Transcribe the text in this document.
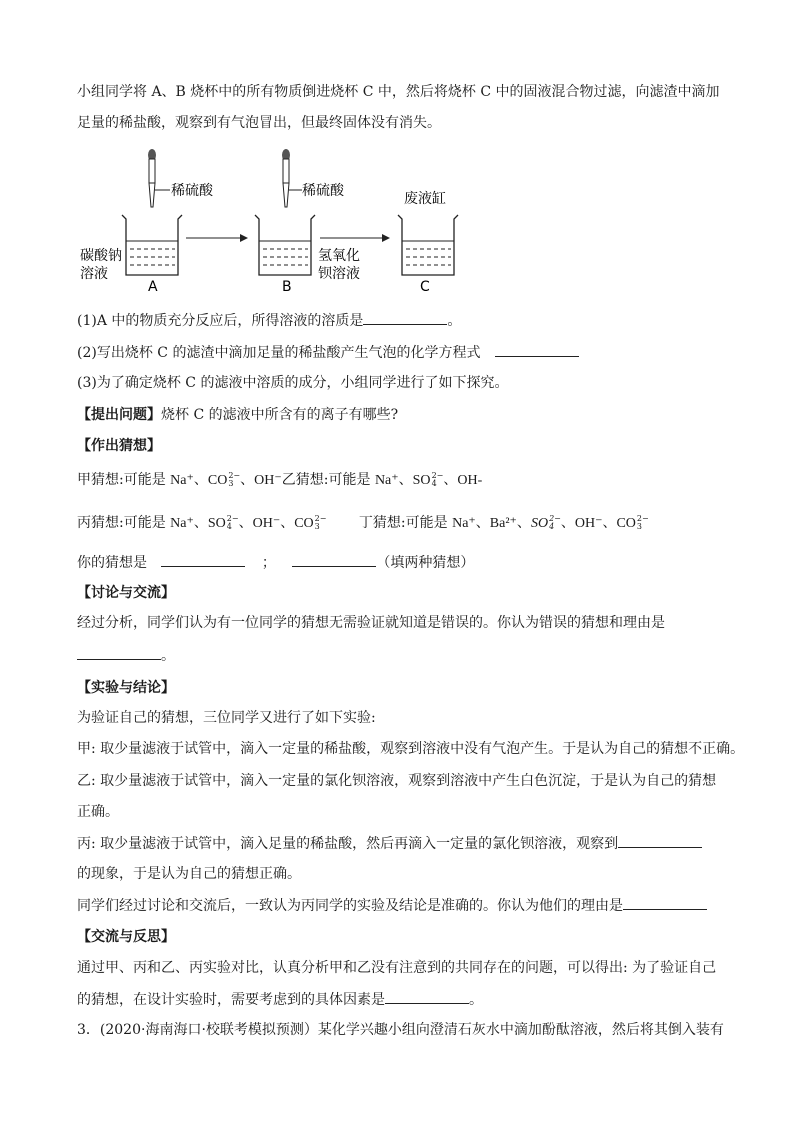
小组同学将 A、B 烧杯中的所有物质倒进烧杯 C 中，然后将烧杯 C 中的固液混合物过滤，向滤渣中滴加
足量的稀盐酸，观察到有气泡冒出，但最终固体没有消失。
稀硫酸
碳酸钠
溶液
A
稀硫酸
氢氧化
钡溶液
B
废液缸
C
(1)A 中的物质充分反应后，所得溶液的溶质是	。
(2)写出烧杯 C 的滤渣中滴加足量的稀盐酸产生气泡的化学方程式
(3)为了确定烧杯 C 的滤液中溶质的成分，小组同学进行了如下探究。
【提出问题】烧杯 C 的滤液中所含有的离子有哪些?
【作出猜想】
甲猜想:可能是 Na⁺、CO 2−
3 、OH⁻乙猜想:可能是 Na⁺、SO 2−
4 、OH-
丙猜想:可能是 Na⁺、SO 2−
4 、OH⁻、CO 2−
3	丁猜想:可能是 Na⁺、Ba²⁺、SO 2−
4 、OH⁻、CO 2−
3
你的猜想是	；	（填两种猜想）
【讨论与交流】
经过分析，同学们认为有一位同学的猜想无需验证就知道是错误的。你认为错误的猜想和理由是
。
【实验与结论】
为验证自己的猜想，三位同学又进行了如下实验:
甲: 取少量滤液于试管中，滴入一定量的稀盐酸，观察到溶液中没有气泡产生。于是认为自己的猜想不正确。
乙: 取少量滤液于试管中，滴入一定量的氯化钡溶液，观察到溶液中产生白色沉淀，于是认为自己的猜想
正确。
丙: 取少量滤液于试管中，滴入足量的稀盐酸，然后再滴入一定量的氯化钡溶液，观察到
的现象，于是认为自己的猜想正确。
同学们经过讨论和交流后，一致认为丙同学的实验及结论是准确的。你认为他们的理由是
【交流与反思】
通过甲、丙和乙、丙实验对比，认真分析甲和乙没有注意到的共同存在的问题，可以得出: 为了验证自己
的猜想，在设计实验时，需要考虑到的具体因素是	。
3．(2020·海南海口·校联考模拟预测）某化学兴趣小组向澄清石灰水中滴加酚酞溶液，然后将其倒入装有
